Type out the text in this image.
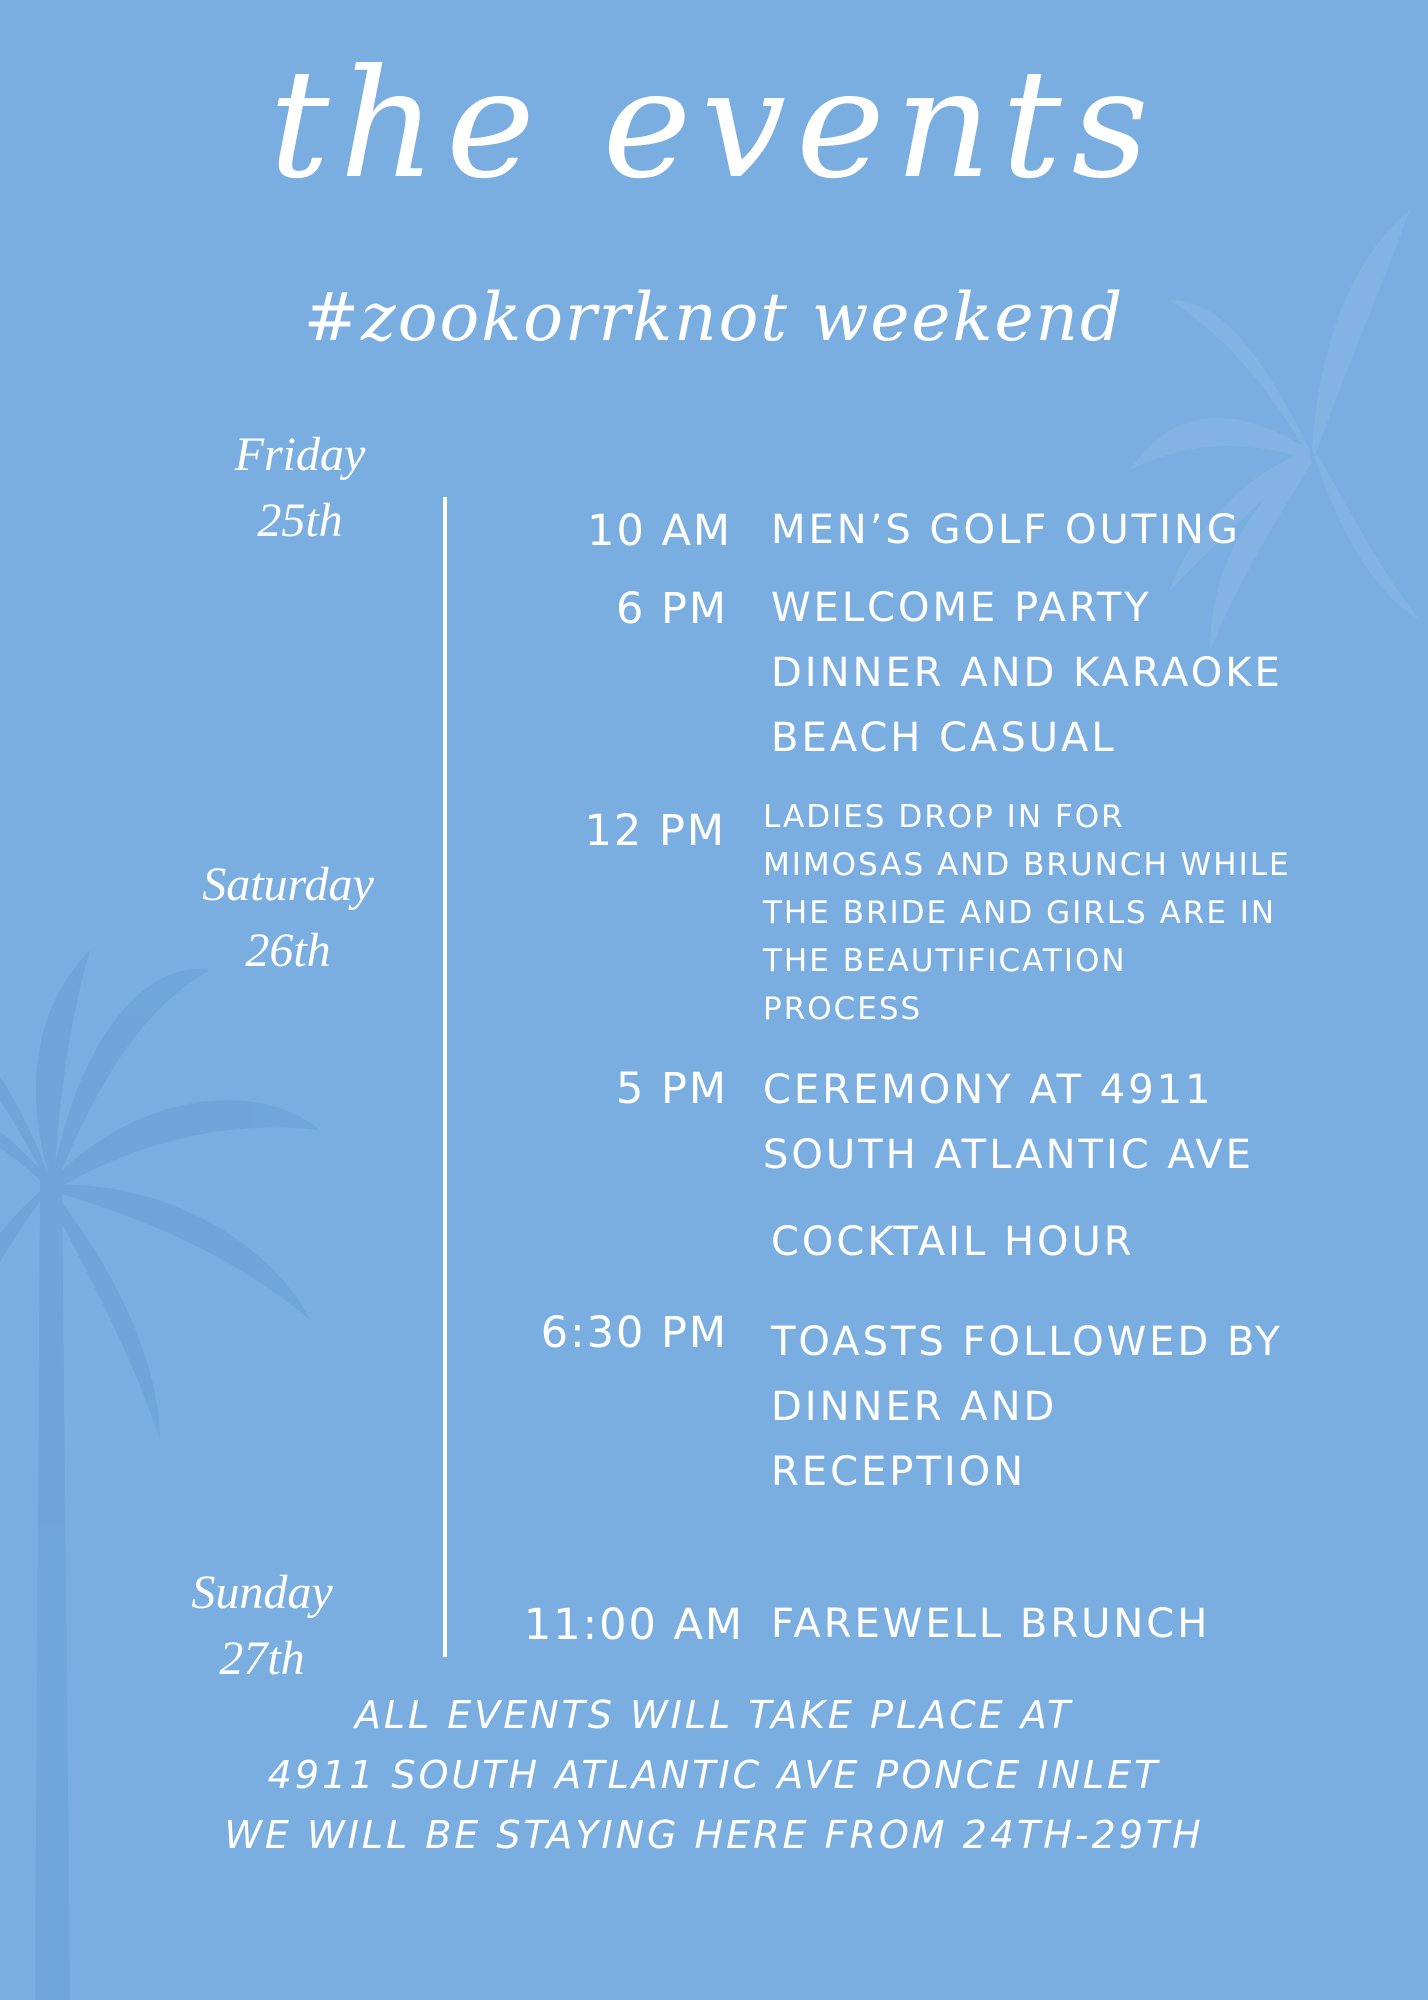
the events
#zookorrknot weekend
Friday
25th
Saturday
26th
Sunday
27th
10 AM MEN’S GOLF OUTING
6 PM WELCOME PARTY
DINNER AND KARAOKE
BEACH CASUAL
12 PM LADIES DROP IN FOR
MIMOSAS AND BRUNCH WHILE
THE BRIDE AND GIRLS ARE IN
THE BEAUTIFICATION
PROCESS
5 PM CEREMONY AT 4911
SOUTH ATLANTIC AVE
COCKTAIL HOUR
6:30 PM TOASTS FOLLOWED BY
DINNER AND
RECEPTION
11:00 AM FAREWELL BRUNCH
ALL EVENTS WILL TAKE PLACE AT
4911 SOUTH ATLANTIC AVE PONCE INLET
WE WILL BE STAYING HERE FROM 24TH-29TH
